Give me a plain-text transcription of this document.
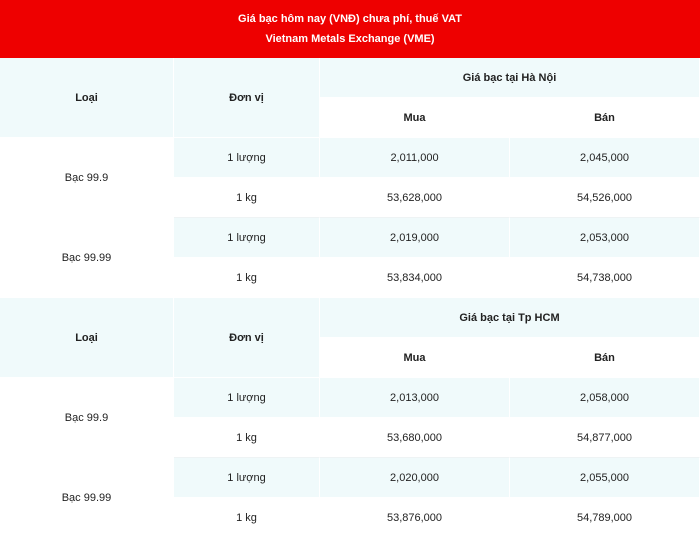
Giá bạc hôm nay (VNĐ) chưa phí, thuế VAT
Vietnam Metals Exchange (VME)
Loại	Đơn vị
Giá bạc tại Hà Nội
Mua	Bán
Bạc 99.9
1 lượng	2,011,000	2,045,000
1 kg	53,628,000	54,526,000
Bạc 99.99
1 lượng	2,019,000	2,053,000
1 kg	53,834,000	54,738,000
Loại	Đơn vị
Giá bạc tại Tp HCM
Mua	Bán
Bạc 99.9
1 lượng	2,013,000	2,058,000
1 kg	53,680,000	54,877,000
Bạc 99.99
1 lượng	2,020,000	2,055,000
1 kg	53,876,000	54,789,000
